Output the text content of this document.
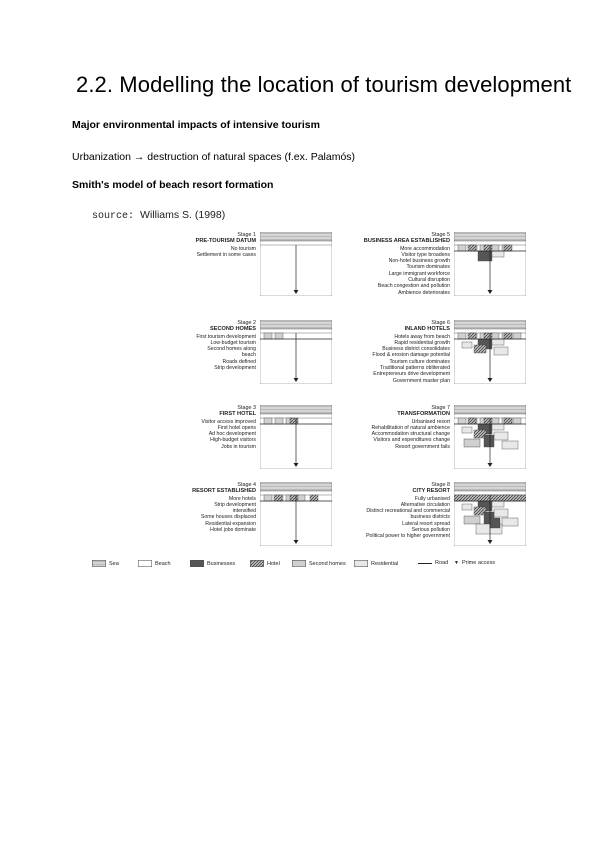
2.2. Modelling the location of tourism development
Major environmental impacts of intensive tourism
Urbanization → destruction of natural spaces (f.ex. Palamós)
Smith's model of beach resort formation
source: Williams S. (1998)
Stage 1
PRE-TOURISM DATUM
No tourism
Settlement in some cases
Stage 5
BUSINESS AREA ESTABLISHED
More accommodation
Visitor type broadens
Non-hotel business growth
Tourism dominates
Large immigrant workforce
Cultural disruption
Beach congestion and pollution
Ambience deteriorates
Stage 2
SECOND HOMES
First tourism development
Low-budget tourism
Second homes along
beach
Roads defined
Strip development
Stage 6
INLAND HOTELS
Hotels away from beach
Rapid residential growth
Business district consolidates
Flood & erosion damage potential
Tourism culture dominates
Traditional patterns obliterated
Entrepreneurs drive development
Government master plan
Stage 3
FIRST HOTEL
Visitor access improved
First hotel opens
Ad hoc development
High-budget visitors
Jobs in tourism
Stage 7
TRANSFORMATION
Urbanised resort
Rehabilitation of natural ambience
Accommodation structural change
Visitors and expenditures change
Resort government fails
Stage 4
RESORT ESTABLISHED
More hotels
Strip development
intensified
Some houses displaced
Residential expansion
Hotel jobs dominate
Stage 8
CITY RESORT
Fully urbanised
Alternative circulation
Distinct recreational and commercial
business districts
Lateral resort spread
Serious pollution
Political power to higher government
Sea	Beach	Businesses	Hotel	Second homes	Residential	Road ▼ Prime access
